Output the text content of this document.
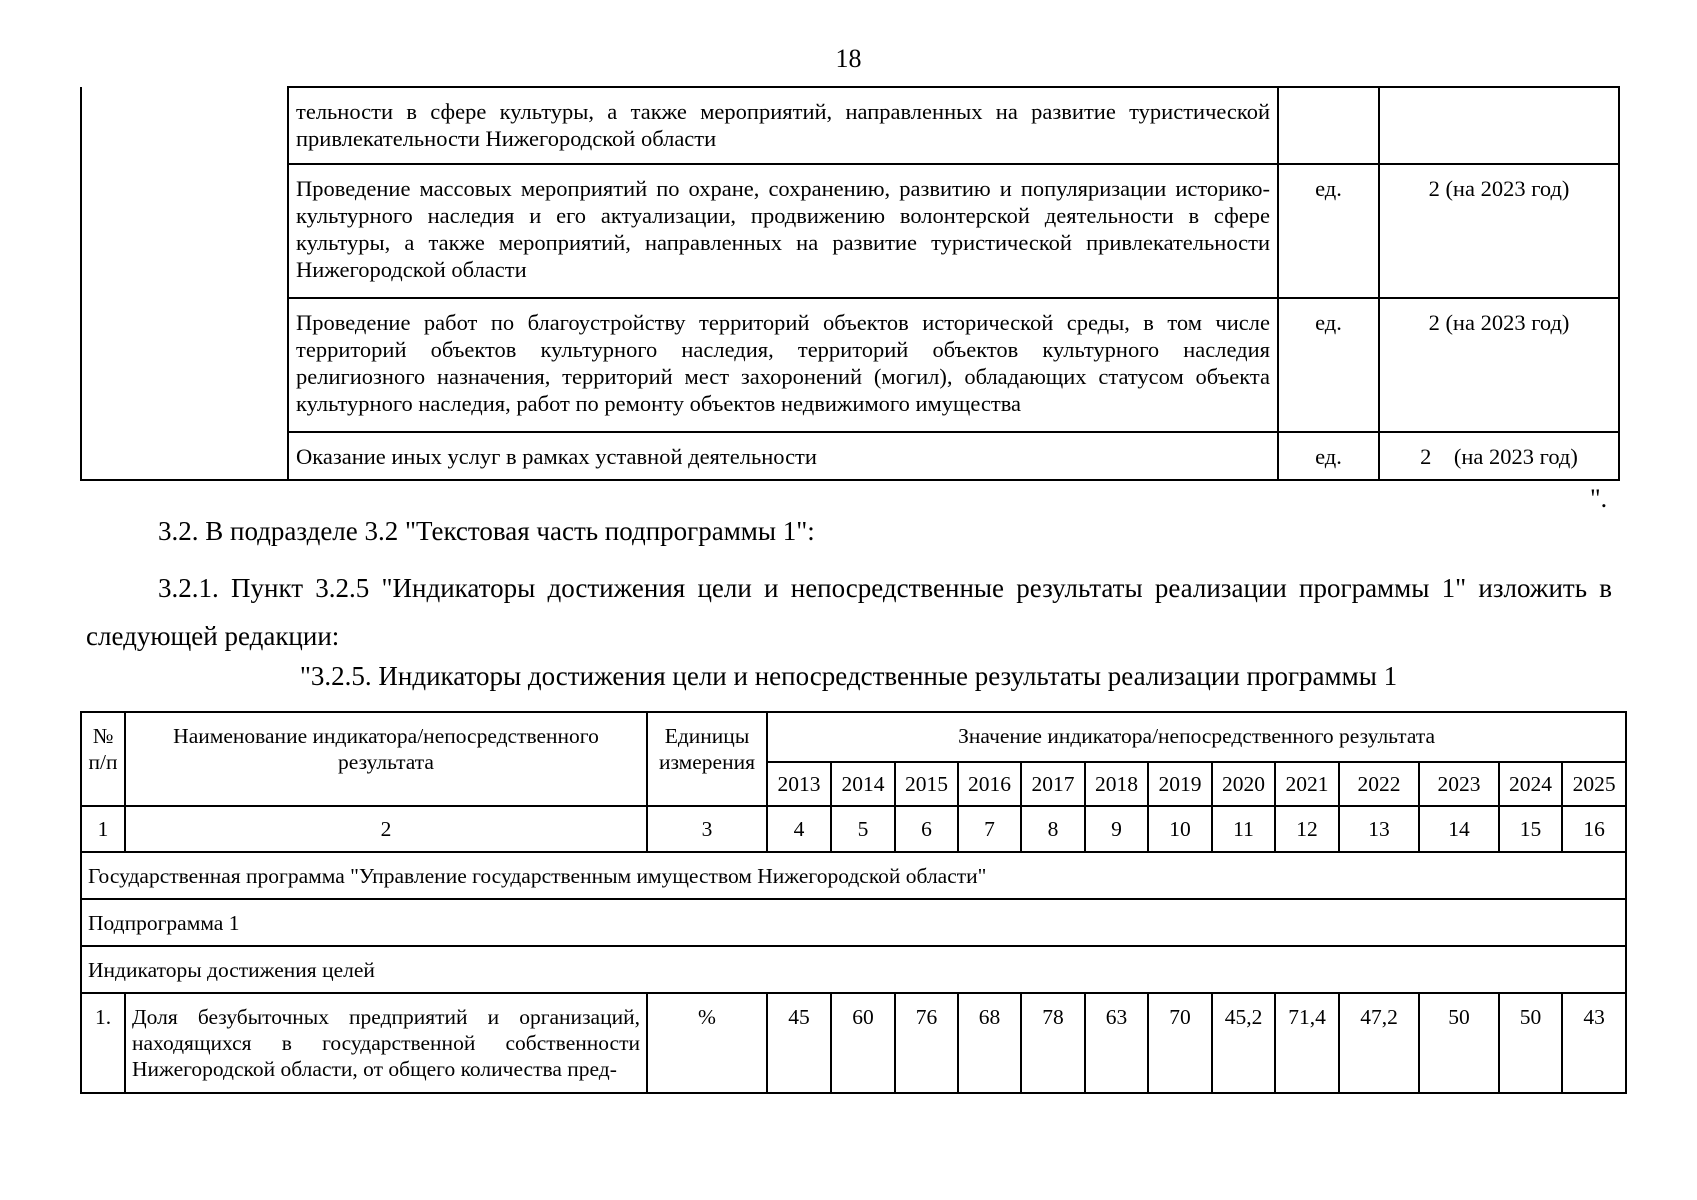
18
	тельности в сфере культуры, а также мероприятий, направленных на развитие туристической привлекательности Нижегородской области		
	Проведение массовых мероприятий по охране, сохранению, развитию и популяризации историко-культурного наследия и его актуализации, продвижению волонтерской деятельности в сфере культуры, а также мероприятий, направленных на развитие туристической привлекательности Нижегородской области	ед.	2 (на 2023 год)
	Проведение работ по благоустройству территорий объектов исторической среды, в том числе территорий объектов культурного наследия, территорий объектов культурного наследия религиозного назначения, территорий мест захоронений (могил), обладающих статусом объекта культурного наследия, работ по ремонту объектов недвижимого имущества	ед.	2 (на 2023 год)
	Оказание иных услуг в рамках уставной деятельности	ед.	2    (на 2023 год)
".
3.2. В подразделе 3.2 "Текстовая часть подпрограммы 1":
3.2.1. Пункт 3.2.5 "Индикаторы достижения цели и непосредственные результаты реализации программы 1" изложить в следующей редакции:
"3.2.5. Индикаторы достижения цели и непосредственные результаты реализации программы 1
№ п/п	Наименование индикатора/непосредственного результата	Единицы измерения	Значение индикатора/непосредственного результата												
			2013	2014	2015	2016	2017	2018	2019	2020	2021	2022	2023	2024	2025
1	2	3	4	5	6	7	8	9	10	11	12	13	14	15	16
Государственная программа "Управление государственным имуществом Нижегородской области"															
Подпрограмма 1															
Индикаторы достижения целей															
1.	Доля безубыточных предприятий и организаций, находящихся в государственной собственности Нижегородской области, от общего количества пред-	%	45	60	76	68	78	63	70	45,2	71,4	47,2	50	50	43
